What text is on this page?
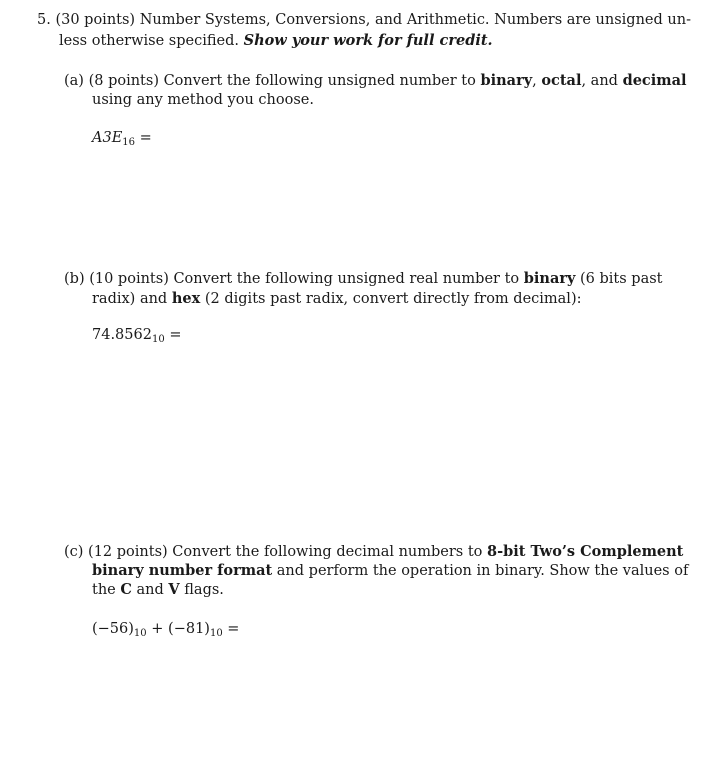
5. (30 points) Number Systems, Conversions, and Arithmetic. Numbers are unsigned un-
less otherwise specified. Show your work for full credit.
(a) (8 points) Convert the following unsigned number to binary, octal, and decimal
using any method you choose.
$A3E_{16}$ =
(b) (10 points) Convert the following unsigned real number to binary (6 bits past
radix) and hex (2 digits past radix, convert directly from decimal):
$74.8562_{10}$ =
(c) (12 points) Convert the following decimal numbers to 8-bit Two’s Complement
binary number format and perform the operation in binary. Show the values of
the C and V flags.
$(-56)_{10} + (-81)_{10}$ =
